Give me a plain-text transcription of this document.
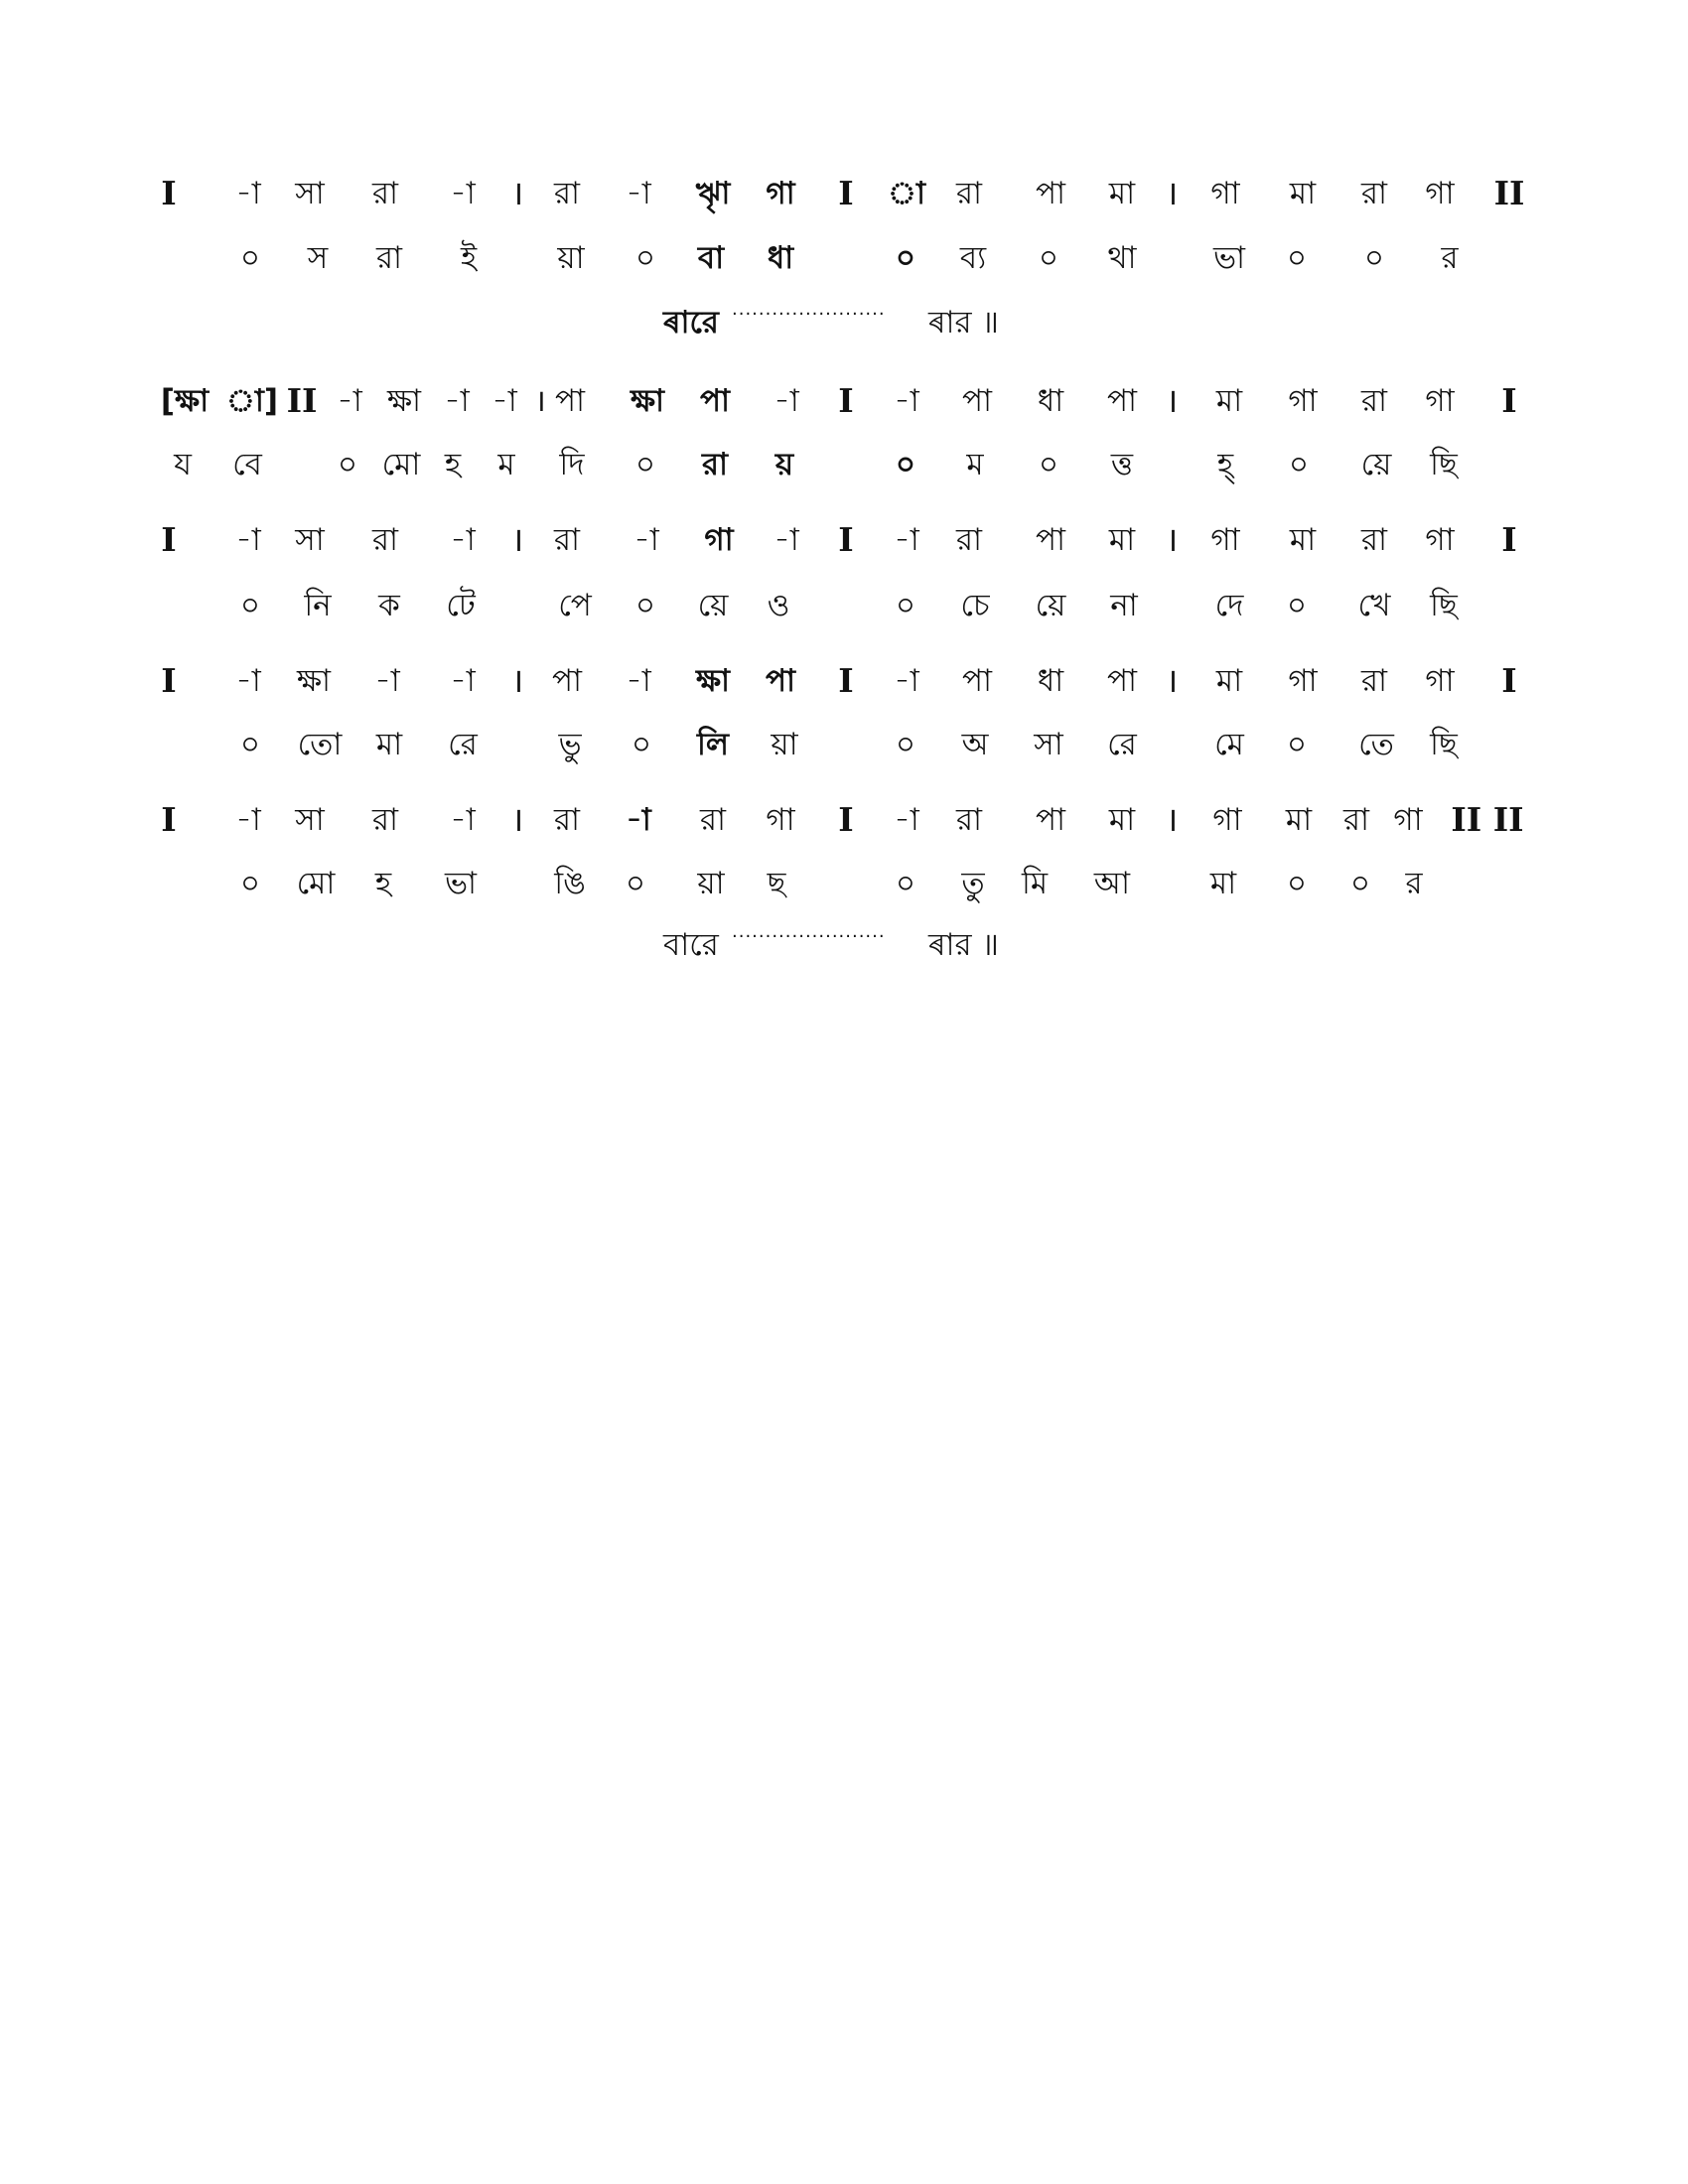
I -া সা রা -া । রা -া ৠা গা I া রা পা মা । গা মা রা গা II
০ স রা ই	য়া ০ বা ধা	০ ব্য ০ থা ভা ০ ০ র
ৰারে ······················· ৰার ॥
[ক্ষা া] II -া ক্ষা -া -া । পা ক্ষা পা -া I -া পা ধা পা । মা গা রা গা I
য বে ০ মো হ ম দি ০ রা য়	০ ম ০ ত্ত	হ্ ০ য়ে ছি
I -া সা রা -া । রা -া গা -া I -া রা পা মা । গা মা রা গা I
০ নি ক টে	পে ০ য়ে ও	০ চে য়ে না	দে ০ খে ছি
I -া ক্ষা -া -া । পা -া ক্ষা পা I -া পা ধা পা । মা গা রা গা I
০ তো মা রে	ভু ০ লি য়া	০ অ সা রে	মে ০ তে ছি
I -া সা রা -া । রা -া রা গা I -া রা পা মা । গা মা রা গা II II
০ মো হ ভা	ঙি ০ য়া ছ	০ তু মি আ	মা ০ ০ র
বারে ······················· ৰার ॥
